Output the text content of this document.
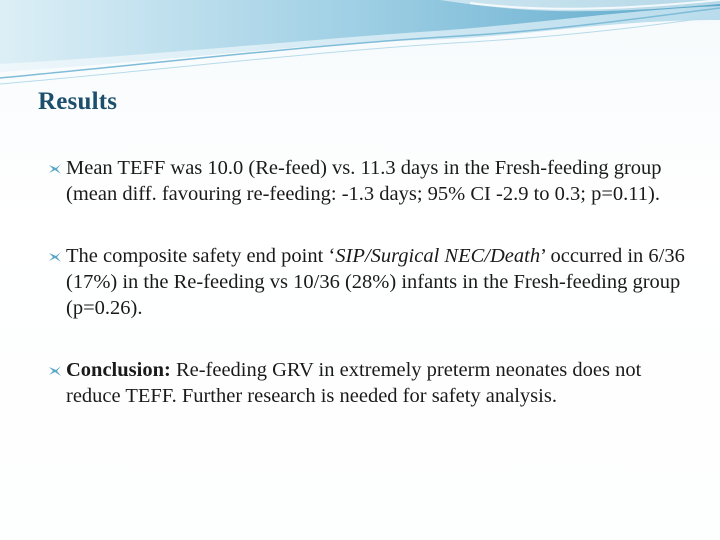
Results
Mean TEFF was 10.0 (Re-feed) vs. 11.3 days in the Fresh-feeding group (mean diff. favouring re-feeding: -1.3 days; 95% CI -2.9 to 0.3; p=0.11).
The composite safety end point ‘SIP/Surgical NEC/Death’ occurred in 6/36 (17%) in the Re-feeding vs 10/36 (28%) infants in the Fresh-feeding group (p=0.26).
Conclusion: Re-feeding GRV in extremely preterm neonates does not reduce TEFF. Further research is needed for safety analysis.
